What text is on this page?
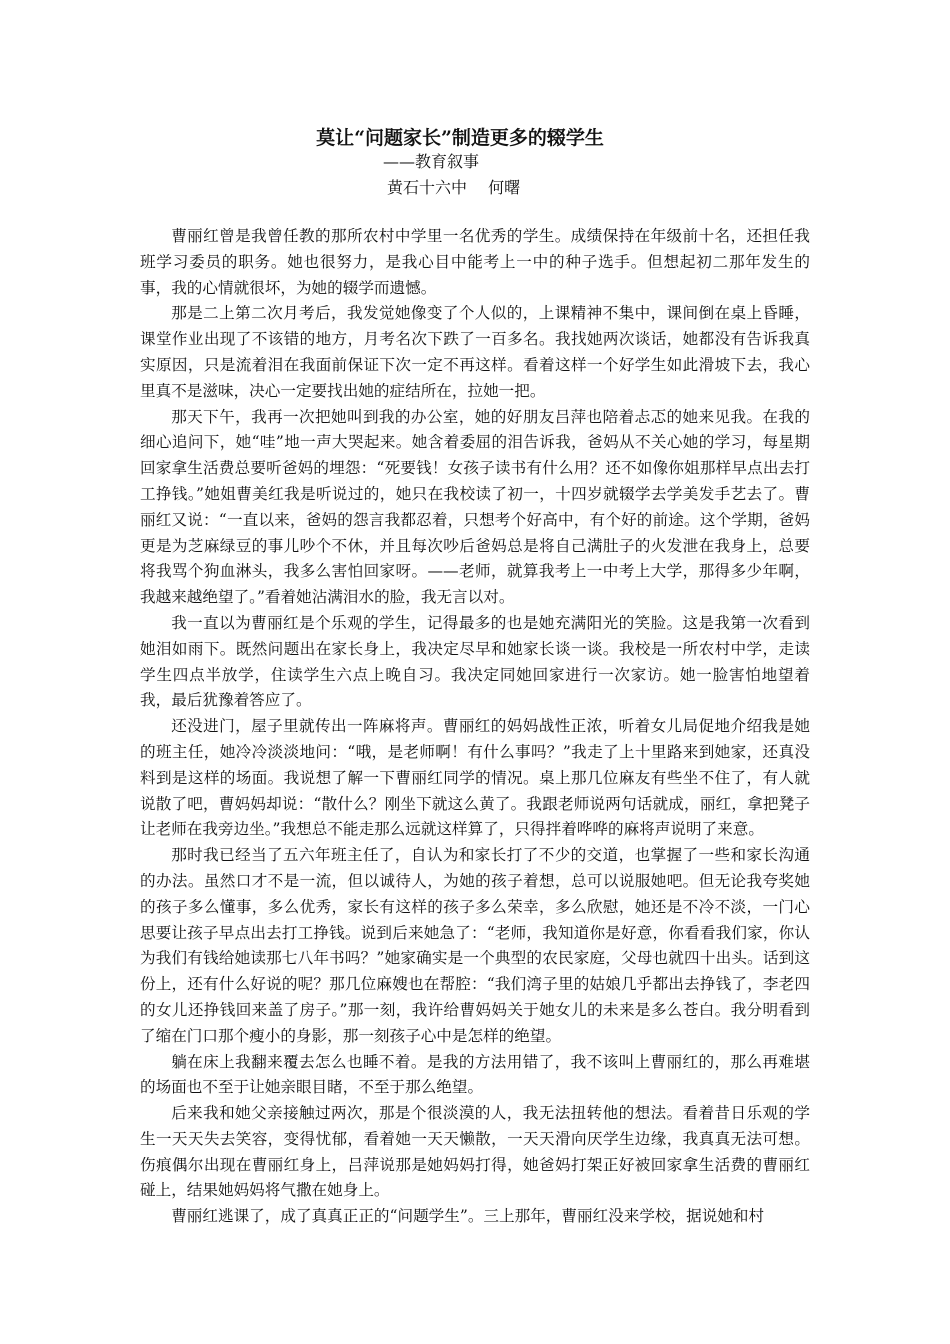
莫让“问题家长”制造更多的辍学生
——教育叙事
黄石十六中　 何曙

曹丽红曾是我曾任教的那所农村中学里一名优秀的学生。成绩保持在年级前十名，还担任我班学习委员的职务。她也很努力，是我心目中能考上一中的种子选手。但想起初二那年发生的事，我的心情就很坏，为她的辍学而遗憾。

那是二上第二次月考后，我发觉她像变了个人似的，上课精神不集中，课间倒在桌上昏睡，课堂作业出现了不该错的地方，月考名次下跌了一百多名。我找她两次谈话，她都没有告诉我真实原因，只是流着泪在我面前保证下次一定不再这样。看着这样一个好学生如此滑坡下去，我心里真不是滋味，决心一定要找出她的症结所在，拉她一把。

那天下午，我再一次把她叫到我的办公室，她的好朋友吕萍也陪着忐忑的她来见我。在我的细心追问下，她“哇”地一声大哭起来。她含着委屈的泪告诉我，爸妈从不关心她的学习，每星期回家拿生活费总要听爸妈的埋怨：“死要钱！女孩子读书有什么用？还不如像你姐那样早点出去打工挣钱。”她姐曹美红我是听说过的，她只在我校读了初一，十四岁就辍学去学美发手艺去了。曹丽红又说：“一直以来，爸妈的怨言我都忍着，只想考个好高中，有个好的前途。这个学期，爸妈更是为芝麻绿豆的事儿吵个不休，并且每次吵后爸妈总是将自己满肚子的火发泄在我身上，总要将我骂个狗血淋头，我多么害怕回家呀。——老师，就算我考上一中考上大学，那得多少年啊，我越来越绝望了。”看着她沾满泪水的脸，我无言以对。

我一直以为曹丽红是个乐观的学生，记得最多的也是她充满阳光的笑脸。这是我第一次看到她泪如雨下。既然问题出在家长身上，我决定尽早和她家长谈一谈。我校是一所农村中学，走读学生四点半放学，住读学生六点上晚自习。我决定同她回家进行一次家访。她一脸害怕地望着我，最后犹豫着答应了。

还没进门，屋子里就传出一阵麻将声。曹丽红的妈妈战性正浓，听着女儿局促地介绍我是她的班主任，她冷冷淡淡地问：“哦，是老师啊！有什么事吗？”我走了上十里路来到她家，还真没料到是这样的场面。我说想了解一下曹丽红同学的情况。桌上那几位麻友有些坐不住了，有人就说散了吧，曹妈妈却说：“散什么？刚坐下就这么黄了。我跟老师说两句话就成，丽红，拿把凳子让老师在我旁边坐。”我想总不能走那么远就这样算了，只得拌着哗哗的麻将声说明了来意。

那时我已经当了五六年班主任了，自认为和家长打了不少的交道，也掌握了一些和家长沟通的办法。虽然口才不是一流，但以诚待人，为她的孩子着想，总可以说服她吧。但无论我夸奖她的孩子多么懂事，多么优秀，家长有这样的孩子多么荣幸，多么欣慰，她还是不冷不淡，一门心思要让孩子早点出去打工挣钱。说到后来她急了：“老师，我知道你是好意，你看看我们家，你认为我们有钱给她读那七八年书吗？”她家确实是一个典型的农民家庭，父母也就四十出头。话到这份上，还有什么好说的呢？那几位麻嫂也在帮腔：“我们湾子里的姑娘几乎都出去挣钱了，李老四的女儿还挣钱回来盖了房子。”那一刻，我许给曹妈妈关于她女儿的未来是多么苍白。我分明看到了缩在门口那个瘦小的身影，那一刻孩子心中是怎样的绝望。

躺在床上我翻来覆去怎么也睡不着。是我的方法用错了，我不该叫上曹丽红的，那么再难堪的场面也不至于让她亲眼目睹，不至于那么绝望。

后来我和她父亲接触过两次，那是个很淡漠的人，我无法扭转他的想法。看着昔日乐观的学生一天天失去笑容，变得忧郁，看着她一天天懒散，一天天滑向厌学生边缘，我真真无法可想。伤痕偶尔出现在曹丽红身上，吕萍说那是她妈妈打得，她爸妈打架正好被回家拿生活费的曹丽红碰上，结果她妈妈将气撒在她身上。

曹丽红逃课了，成了真真正正的“问题学生”。三上那年，曹丽红没来学校，据说她和村
